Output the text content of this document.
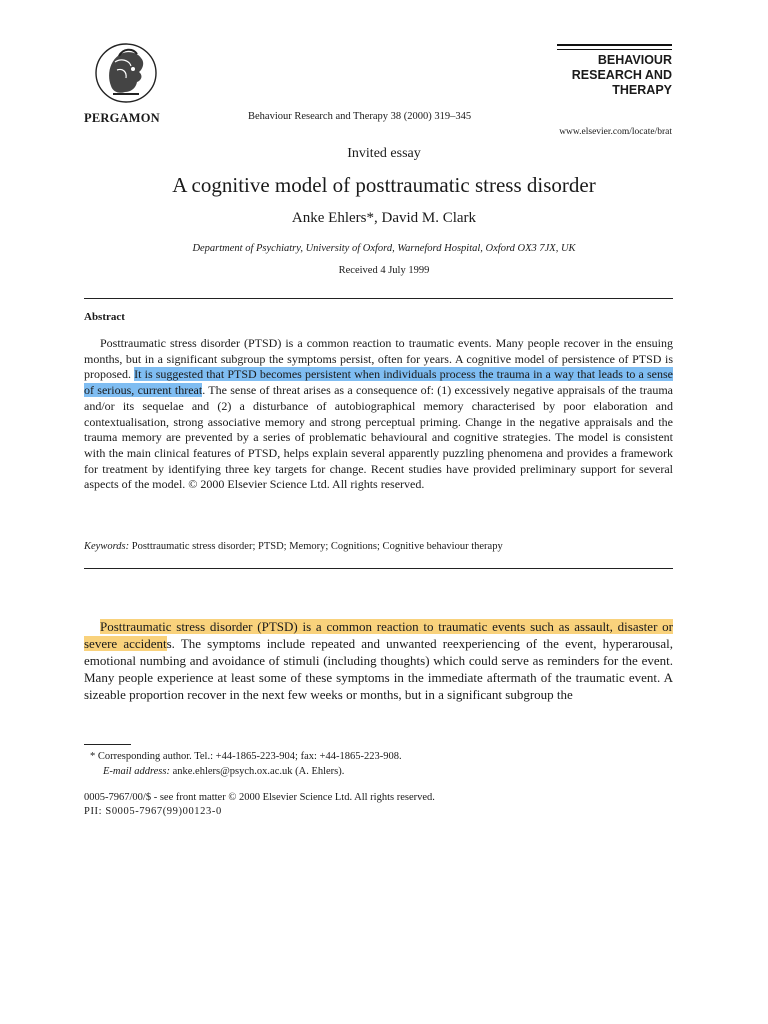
PERGAMON	Behaviour Research and Therapy 38 (2000) 319–345
BEHAVIOUR
RESEARCH AND
THERAPY
www.elsevier.com/locate/brat
Invited essay
A cognitive model of posttraumatic stress disorder
Anke Ehlers*, David M. Clark
Department of Psychiatry, University of Oxford, Warneford Hospital, Oxford OX3 7JX, UK
Received 4 July 1999
Abstract
Posttraumatic stress disorder (PTSD) is a common reaction to traumatic events. Many people recover in the ensuing months, but in a significant subgroup the symptoms persist, often for years. A cognitive model of persistence of PTSD is proposed. It is suggested that PTSD becomes persistent when individuals process the trauma in a way that leads to a sense of serious, current threat. The sense of threat arises as a consequence of: (1) excessively negative appraisals of the trauma and/or its sequelae and (2) a disturbance of autobiographical memory characterised by poor elaboration and contextualisation, strong associative memory and strong perceptual priming. Change in the negative appraisals and the trauma memory are prevented by a series of problematic behavioural and cognitive strategies. The model is consistent with the main clinical features of PTSD, helps explain several apparently puzzling phenomena and provides a framework for treatment by identifying three key targets for change. Recent studies have provided preliminary support for several aspects of the model. © 2000 Elsevier Science Ltd. All rights reserved.
Keywords: Posttraumatic stress disorder; PTSD; Memory; Cognitions; Cognitive behaviour therapy
Posttraumatic stress disorder (PTSD) is a common reaction to traumatic events such as assault, disaster or severe accidents. The symptoms include repeated and unwanted reexperiencing of the event, hyperarousal, emotional numbing and avoidance of stimuli (including thoughts) which could serve as reminders for the event. Many people experience at least some of these symptoms in the immediate aftermath of the traumatic event. A sizeable proportion recover in the next few weeks or months, but in a significant subgroup the
* Corresponding author. Tel.: +44-1865-223-904; fax: +44-1865-223-908.
E-mail address: anke.ehlers@psych.ox.ac.uk (A. Ehlers).
0005-7967/00/$ - see front matter © 2000 Elsevier Science Ltd. All rights reserved.
PII: S0005-7967(99)00123-0
